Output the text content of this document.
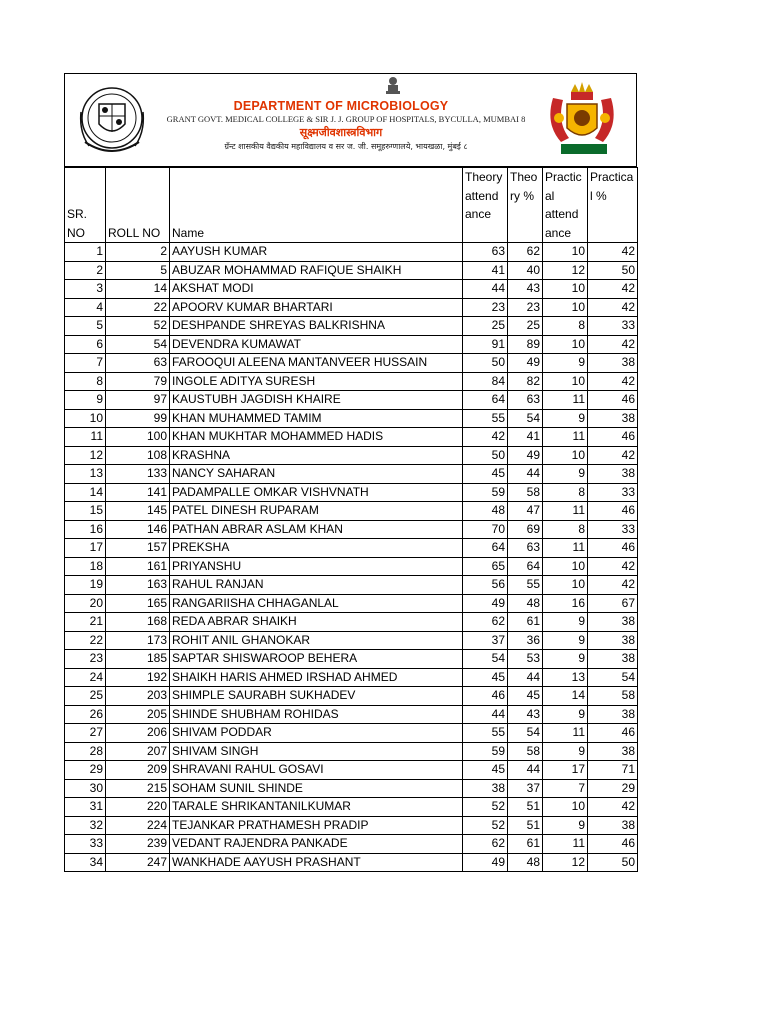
DEPARTMENT OF MICROBIOLOGY
GRANT GOVT. MEDICAL COLLEGE & SIR J. J. GROUP OF HOSPITALS, BYCULLA, MUMBAI 8
सूक्ष्मजीवशास्त्रविभाग
ग्रँन्ट शासकीय वैद्यकीय महाविद्यालय व सर ज. जी. समूहरुग्णालये, भायखळा, मुंबई ८
SR. NO	ROLL NO	Name	Theory attend ance	Theo ry %	Practic al attend ance	Practica l %
1	2	AAYUSH KUMAR	63	62	10	42
2	5	ABUZAR MOHAMMAD RAFIQUE SHAIKH	41	40	12	50
3	14	AKSHAT MODI	44	43	10	42
4	22	APOORV KUMAR BHARTARI	23	23	10	42
5	52	DESHPANDE SHREYAS BALKRISHNA	25	25	8	33
6	54	DEVENDRA KUMAWAT	91	89	10	42
7	63	FAROOQUI ALEENA MANTANVEER HUSSAIN	50	49	9	38
8	79	INGOLE ADITYA SURESH	84	82	10	42
9	97	KAUSTUBH JAGDISH KHAIRE	64	63	11	46
10	99	KHAN MUHAMMED TAMIM	55	54	9	38
11	100	KHAN MUKHTAR MOHAMMED HADIS	42	41	11	46
12	108	KRASHNA	50	49	10	42
13	133	NANCY SAHARAN	45	44	9	38
14	141	PADAMPALLE OMKAR VISHVNATH	59	58	8	33
15	145	PATEL DINESH RUPARAM	48	47	11	46
16	146	PATHAN ABRAR ASLAM KHAN	70	69	8	33
17	157	PREKSHA	64	63	11	46
18	161	PRIYANSHU	65	64	10	42
19	163	RAHUL RANJAN	56	55	10	42
20	165	RANGARIISHA CHHAGANLAL	49	48	16	67
21	168	REDA ABRAR SHAIKH	62	61	9	38
22	173	ROHIT ANIL GHANOKAR	37	36	9	38
23	185	SAPTAR SHISWAROOP BEHERA	54	53	9	38
24	192	SHAIKH HARIS AHMED IRSHAD AHMED	45	44	13	54
25	203	SHIMPLE SAURABH SUKHADEV	46	45	14	58
26	205	SHINDE SHUBHAM ROHIDAS	44	43	9	38
27	206	SHIVAM PODDAR	55	54	11	46
28	207	SHIVAM SINGH	59	58	9	38
29	209	SHRAVANI RAHUL GOSAVI	45	44	17	71
30	215	SOHAM SUNIL SHINDE	38	37	7	29
31	220	TARALE SHRIKANTANILKUMAR	52	51	10	42
32	224	TEJANKAR PRATHAMESH PRADIP	52	51	9	38
33	239	VEDANT RAJENDRA PANKADE	62	61	11	46
34	247	WANKHADE AAYUSH PRASHANT	49	48	12	50
